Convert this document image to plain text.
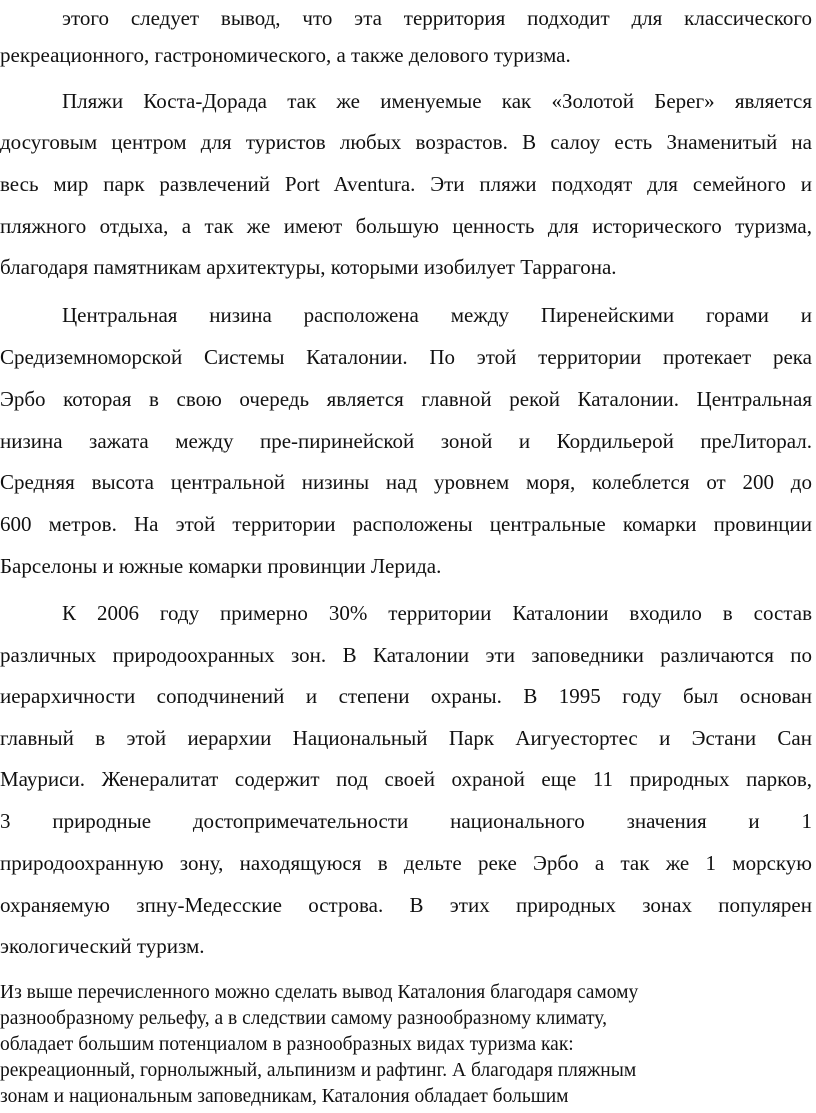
этого следует вывод, что эта территория подходит для классического
рекреационного, гастрономического, а также делового туризма.
Пляжи Коста-Дорада так же именуемые как «Золотой Берег» является
досуговым центром для туристов любых возрастов. В салоу есть Знаменитый на
весь мир парк развлечений Port Aventura. Эти пляжи подходят для семейного и
пляжного отдыха, а так же имеют большую ценность для исторического туризма,
благодаря памятникам архитектуры, которыми изобилует Таррагона.
Центральная низина расположена между Пиренейскими горами и
Средиземноморской Системы Каталонии. По этой территории протекает река
Эрбо которая в свою очередь является главной рекой Каталонии. Центральная
низина зажата между пре-пиринейской зоной и Кордильерой преЛиторал.
Средняя высота центральной низины над уровнем моря, колеблется от 200 до
600 метров. На этой территории расположены центральные комарки провинции
Барселоны и южные комарки провинции Лерида.
К 2006 году примерно 30% территории Каталонии входило в состав
различных природоохранных зон. В Каталонии эти заповедники различаются по
иерархичности соподчинений и степени охраны. В 1995 году был основан
главный в этой иерархии Национальный Парк Аигуестортес и Эстани Сан
Мауриси. Женералитат содержит под своей охраной еще 11 природных парков,
3 природные достопримечательности национального значения и 1
природоохранную зону, находящуюся в дельте реке Эрбо а так же 1 морскую
охраняемую зпну-Медесские острова. В этих природных зонах популярен
экологический туризм.
Из выше перечисленного можно сделать вывод Каталония благодаря самому
разнообразному рельефу, а в следствии самому разнообразному климату,
обладает большим потенциалом в разнообразных видах туризма как:
рекреационный, горнолыжный, альпинизм и рафтинг. А благодаря пляжным
зонам и национальным заповедникам, Каталония обладает большим
